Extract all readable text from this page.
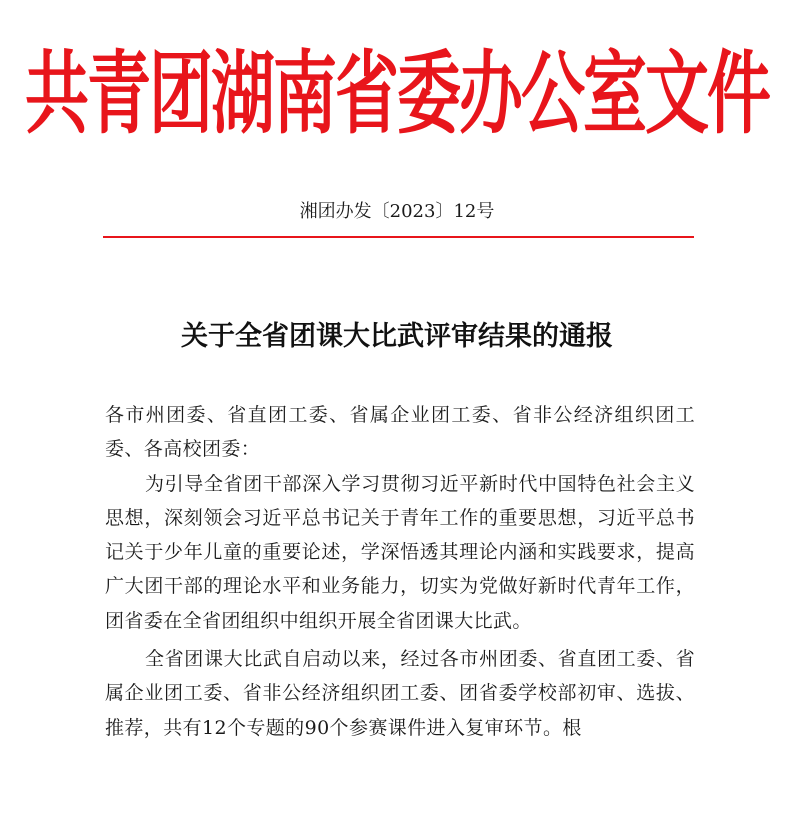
共青团湖南省委办公室文件
湘团办发〔2023〕12号
关于全省团课大比武评审结果的通报

各市州团委、省直团工委、省属企业团工委、省非公经济组织团工委、各高校团委：

为引导全省团干部深入学习贯彻习近平新时代中国特色社会主义思想，深刻领会习近平总书记关于青年工作的重要思想，习近平总书记关于少年儿童的重要论述，学深悟透其理论内涵和实践要求，提高广大团干部的理论水平和业务能力，切实为党做好新时代青年工作，团省委在全省团组织中组织开展全省团课大比武。

全省团课大比武自启动以来，经过各市州团委、省直团工委、省属企业团工委、省非公经济组织团工委、团省委学校部初审、选拔、推荐，共有12个专题的90个参赛课件进入复审环节。根
